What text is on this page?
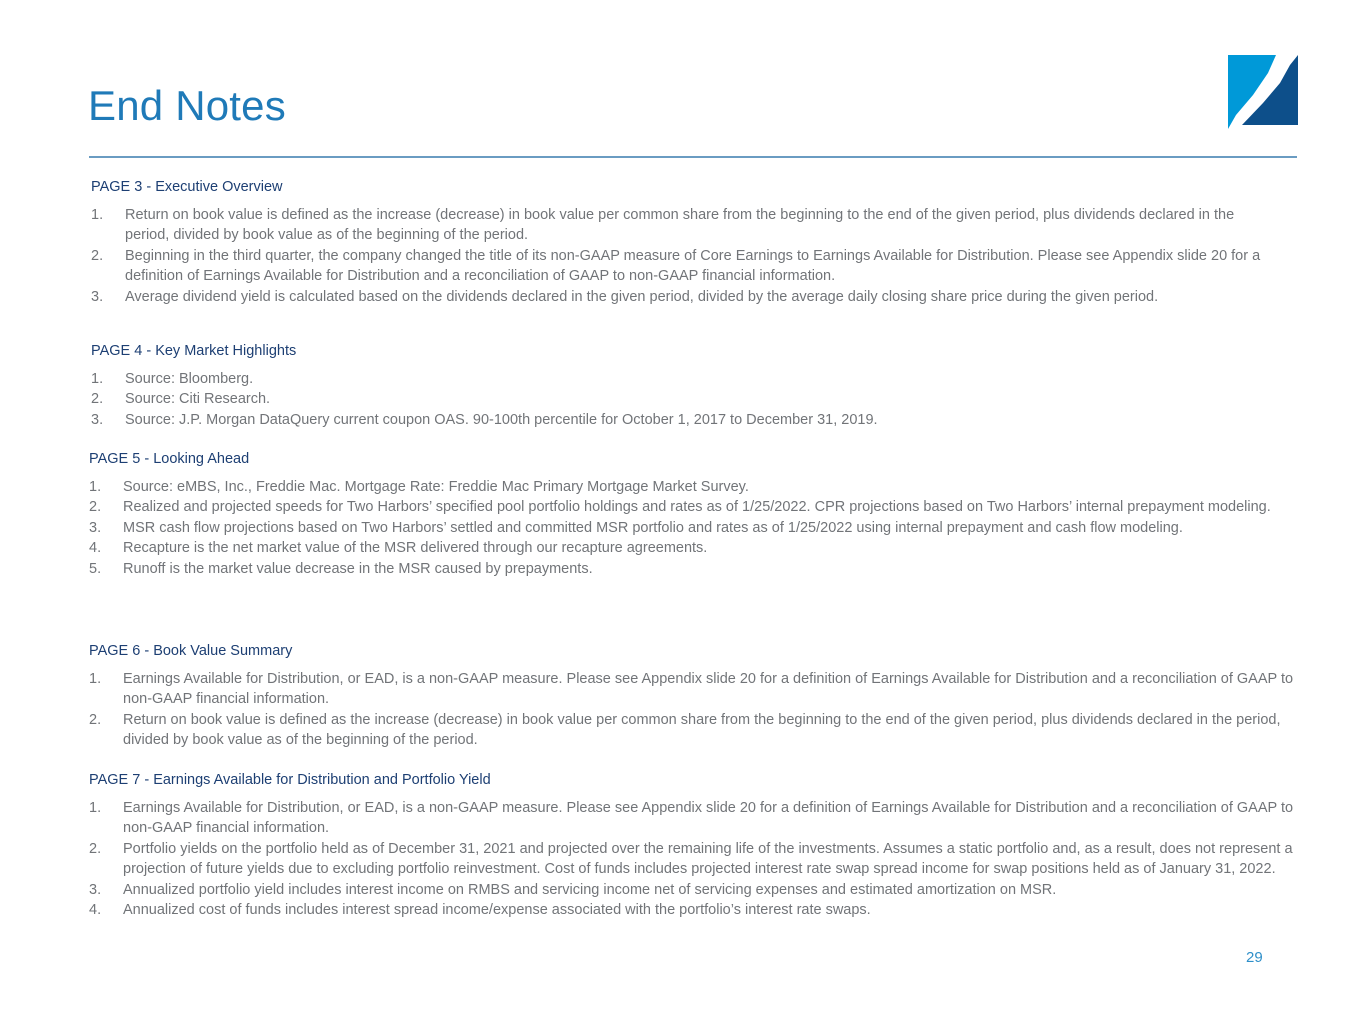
End Notes
PAGE 3 - Executive Overview
1. Return on book value is defined as the increase (decrease) in book value per common share from the beginning to the end of the given period, plus dividends declared in the period, divided by book value as of the beginning of the period.
2. Beginning in the third quarter, the company changed the title of its non-GAAP measure of Core Earnings to Earnings Available for Distribution. Please see Appendix slide 20 for a definition of Earnings Available for Distribution and a reconciliation of GAAP to non-GAAP financial information.
3. Average dividend yield is calculated based on the dividends declared in the given period, divided by the average daily closing share price during the given period.
PAGE 4 - Key Market Highlights
1. Source: Bloomberg.
2. Source: Citi Research.
3. Source: J.P. Morgan DataQuery current coupon OAS. 90-100th percentile for October 1, 2017 to December 31, 2019.
PAGE 5 - Looking Ahead
1. Source: eMBS, Inc., Freddie Mac. Mortgage Rate: Freddie Mac Primary Mortgage Market Survey.
2. Realized and projected speeds for Two Harbors’ specified pool portfolio holdings and rates as of 1/25/2022. CPR projections based on Two Harbors’ internal prepayment modeling.
3. MSR cash flow projections based on Two Harbors’ settled and committed MSR portfolio and rates as of 1/25/2022 using internal prepayment and cash flow modeling.
4. Recapture is the net market value of the MSR delivered through our recapture agreements.
5. Runoff is the market value decrease in the MSR caused by prepayments.
PAGE 6 - Book Value Summary
1. Earnings Available for Distribution, or EAD, is a non-GAAP measure. Please see Appendix slide 20 for a definition of Earnings Available for Distribution and a reconciliation of GAAP to non-GAAP financial information.
2. Return on book value is defined as the increase (decrease) in book value per common share from the beginning to the end of the given period, plus dividends declared in the period, divided by book value as of the beginning of the period.
PAGE 7 - Earnings Available for Distribution and Portfolio Yield
1. Earnings Available for Distribution, or EAD, is a non-GAAP measure. Please see Appendix slide 20 for a definition of Earnings Available for Distribution and a reconciliation of GAAP to non-GAAP financial information.
2. Portfolio yields on the portfolio held as of December 31, 2021 and projected over the remaining life of the investments. Assumes a static portfolio and, as a result, does not represent a projection of future yields due to excluding portfolio reinvestment. Cost of funds includes projected interest rate swap spread income for swap positions held as of January 31, 2022.
3. Annualized portfolio yield includes interest income on RMBS and servicing income net of servicing expenses and estimated amortization on MSR.
4. Annualized cost of funds includes interest spread income/expense associated with the portfolio’s interest rate swaps.
29
